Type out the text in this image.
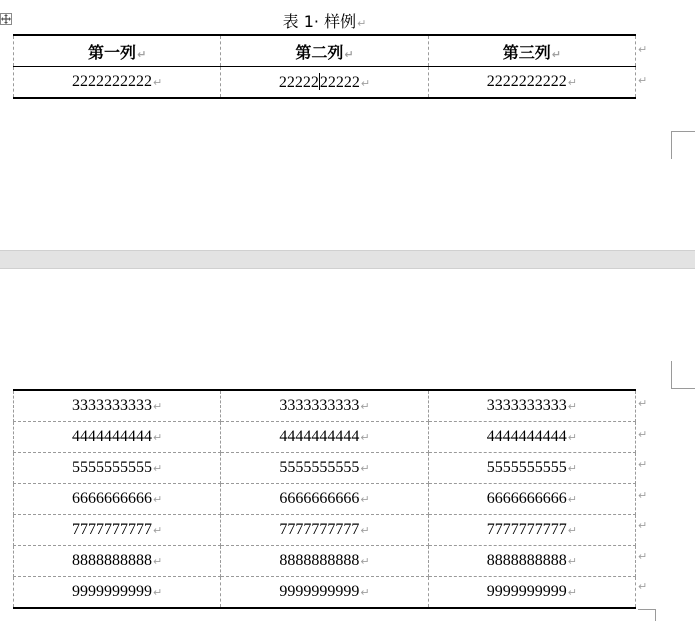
表 1· 样例↵
第一列↵	第二列↵	第三列↵
2222222222↵	2222222222↵	2222222222↵
↵
↵
3333333333↵	3333333333↵	3333333333↵
4444444444↵	4444444444↵	4444444444↵
5555555555↵	5555555555↵	5555555555↵
6666666666↵	6666666666↵	6666666666↵
7777777777↵	7777777777↵	7777777777↵
8888888888↵	8888888888↵	8888888888↵
9999999999↵	9999999999↵	9999999999↵
↵
↵
↵
↵
↵
↵
↵
